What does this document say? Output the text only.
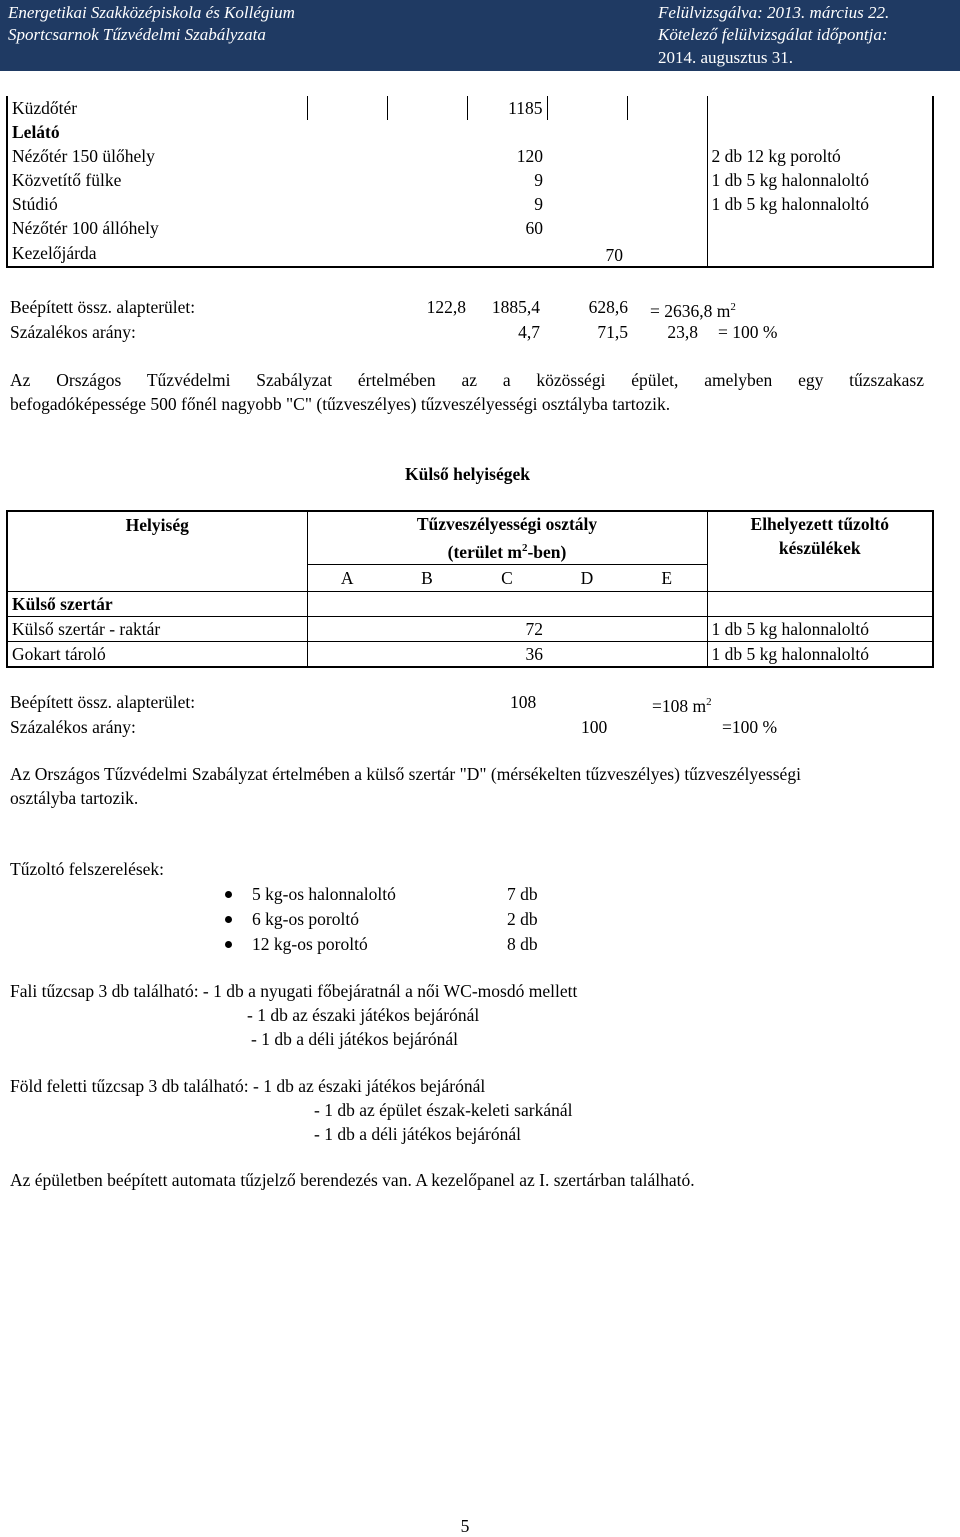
Energetikai Szakközépiskola és Kollégium
Sportcsarnok Tűzvédelmi Szabályzata
Felülvizsgálva: 2013. március 22.
Kötelező felülvizsgálat időpontja:
2014. augusztus 31.
Küzdőtér			1185			
Lelátó						
Nézőtér 150 ülőhely			120			2 db 12 kg poroltó
Közvetítő fülke			9			1 db 5 kg halonnaloltó
Stúdió			9			1 db 5 kg halonnaloltó
Nézőtér 100 állóhely			60			
Kezelőjárda				70		
Beépített össz. alapterület:	122,8	1885,4	628,6 = 2636,8 $m^2$
Százalékos arány:	4,7	71,5	23,8 = 100 %
Az Országos Tűzvédelmi Szabályzat értelmében az a közösségi épület, amelyben egy tűzszakasz
befogadóképessége 500 főnél nagyobb "C" (tűzveszélyes) tűzveszélyességi osztályba tartozik.
Külső helyiségek
Helyiség	Tűzveszélyességi osztály
(terület $m^2-ben$)					Elhelyezett tűzoltó
készülékek
	A	B	C	D	E	
Külső szertár						
Külső szertár - raktár			72			1 db 5 kg halonnaloltó
Gokart tároló			36			1 db 5 kg halonnaloltó
Beépített össz. alapterület:	108	=108 $m^2$
Százalékos arány:	100	=100 %
Az Országos Tűzvédelmi Szabályzat értelmében a külső szertár "D" (mérsékelten tűzveszélyes) tűzveszélyességi
osztályba tartozik.
Tűzoltó felszerelések:
5 kg-os halonnaloltó	7 db
6 kg-os poroltó	2 db
12 kg-os poroltó	8 db
Fali tűzcsap 3 db található: - 1 db a nyugati főbejáratnál a női WC-mosdó mellett
- 1 db az északi játékos bejárónál
- 1 db a déli játékos bejárónál
Föld feletti tűzcsap 3 db található: - 1 db az északi játékos bejárónál
- 1 db az épület észak-keleti sarkánál
- 1 db a déli játékos bejárónál
Az épületben beépített automata tűzjelző berendezés van. A kezelőpanel az I. szertárban található.
5
